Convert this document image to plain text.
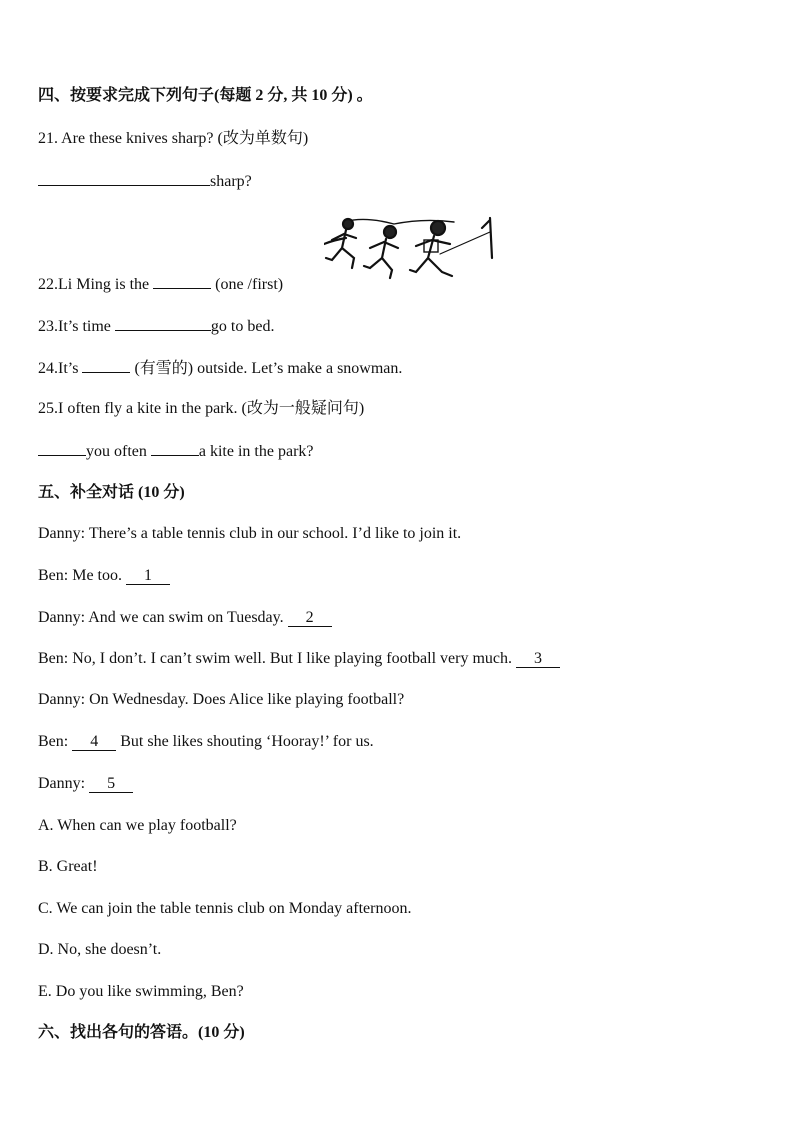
四、按要求完成下列句子(每题 2 分, 共 10 分) 。
21. Are these knives sharp? (改为单数句)
sharp?
22.Li Ming is the	(one /first)
23.It’s time	go to bed.
24.It’s	(有雪的) outside. Let’s make a snowman.
25.I often fly a kite in the park. (改为一般疑问句)
you often	a kite in the park?
五、补全对话 (10 分)
Danny: There’s a table tennis club in our school. I’d like to join it.
Ben: Me too. 1
Danny: And we can swim on Tuesday. 2
Ben: No, I don’t. I can’t swim well. But I like playing football very much. 3
Danny: On Wednesday. Does Alice like playing football?
Ben: 4 But she likes shouting ‘Hooray!’ for us.
Danny: 5
A. When can we play football?
B. Great!
C. We can join the table tennis club on Monday afternoon.
D. No, she doesn’t.
E. Do you like swimming, Ben?
六、找出各句的答语。(10 分)
